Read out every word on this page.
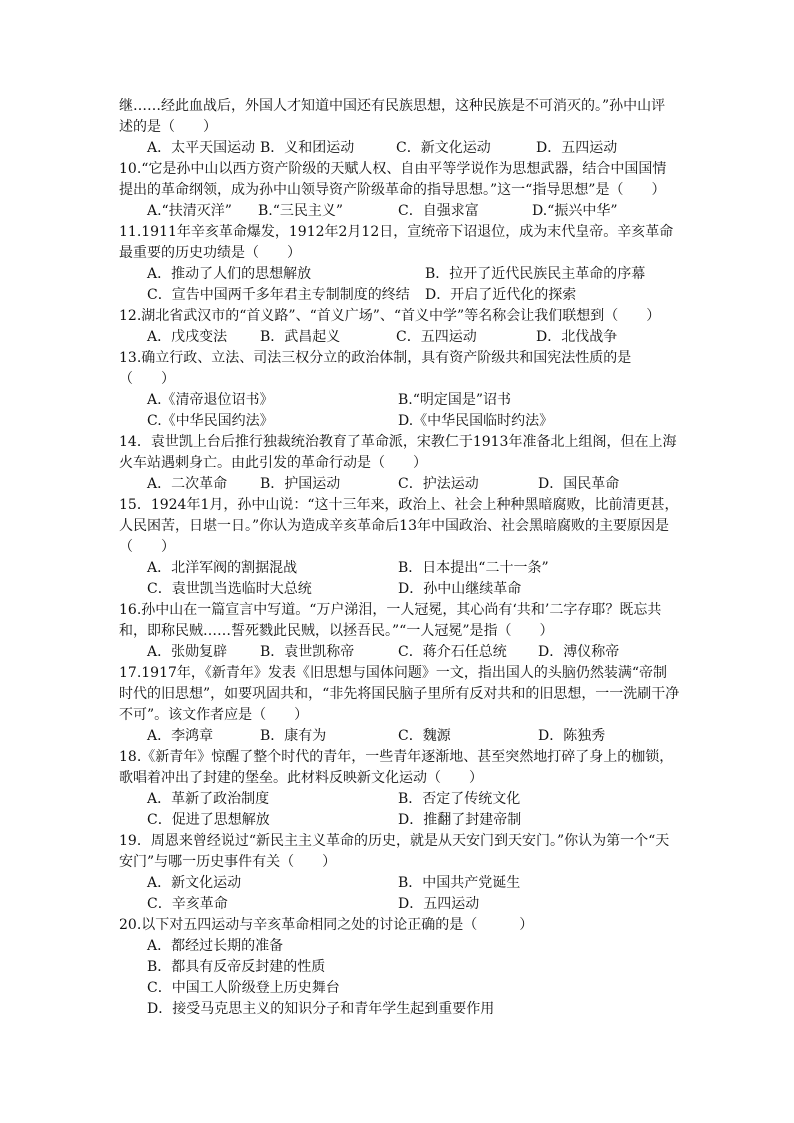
继……经此血战后，外国人才知道中国还有民族思想，这种民族是不可消灭的。”孙中山评
述的是（　　）
A．太平天国运动 B．义和团运动	C．新文化运动	D．五四运动
10.“它是孙中山以西方资产阶级的天赋人权、自由平等学说作为思想武器，结合中国国情
提出的革命纲领，成为孙中山领导资产阶级革命的指导思想。”这一“指导思想”是（　　）
A.“扶清灭洋” B.“三民主义”	C．自强求富	D.“振兴中华”
11.1911年辛亥革命爆发，1912年2月12日，宣统帝下诏退位，成为末代皇帝。辛亥革命
最重要的历史功绩是（　　）
A．推动了人们的思想解放	B．拉开了近代民族民主革命的序幕
C．宣告中国两千多年君主专制制度的终结 D．开启了近代化的探索
12.湖北省武汉市的“首义路”、“首义广场”、“首义中学”等名称会让我们联想到（　　）
A．戊戌变法 B．武昌起义	C．五四运动	D．北伐战争
13.确立行政、立法、司法三权分立的政治体制，具有资产阶级共和国宪法性质的是
（　　）
A.《清帝退位诏书》	B.“明定国是”诏书
C.《中华民国约法》	D.《中华民国临时约法》
14．袁世凯上台后推行独裁统治教育了革命派，宋教仁于1913年准备北上组阁，但在上海
火车站遇刺身亡。由此引发的革命行动是（　　）
A．二次革命 B．护国运动	C．护法运动	D．国民革命
15．1924年1月，孙中山说：“这十三年来，政治上、社会上种种黑暗腐败，比前清更甚，
人民困苦，日堪一日。”你认为造成辛亥革命后13年中国政治、社会黑暗腐败的主要原因是
（　　）
A．北洋军阀的割据混战	B．日本提出“二十一条”
C．袁世凯当选临时大总统	D．孙中山继续革命
16.孙中山在一篇宣言中写道。“万户涕泪，一人冠冕，其心尚有‘共和’二字存耶？既忘共
和，即称民贼……誓死戮此民贼，以拯吾民。”“一人冠冕”是指（　　）
A．张勋复辟 B．袁世凯称帝	C．蒋介石任总统 D．溥仪称帝
17.1917年，《新青年》发表《旧思想与国体问题》一文，指出国人的头脑仍然装满“帝制
时代的旧思想”，如要巩固共和，“非先将国民脑子里所有反对共和的旧思想，一一洗刷干净
不可”。该文作者应是（　　）
A．李鸿章	B．康有为	C．魏源	D．陈独秀
18.《新青年》惊醒了整个时代的青年，一些青年逐渐地、甚至突然地打碎了身上的枷锁，
歌唱着冲出了封建的堡垒。此材料反映新文化运动（　　）
A．革新了政治制度	B．否定了传统文化
C．促进了思想解放	D．推翻了封建帝制
19．周恩来曾经说过“新民主主义革命的历史，就是从天安门到天安门。”你认为第一个“天
安门”与哪一历史事件有关（　　）
A．新文化运动	B．中国共产党诞生
C．辛亥革命	D．五四运动
20.以下对五四运动与辛亥革命相同之处的讨论正确的是（　　　）
A．都经过长期的准备
B．都具有反帝反封建的性质
C．中国工人阶级登上历史舞台
D．接受马克思主义的知识分子和青年学生起到重要作用
